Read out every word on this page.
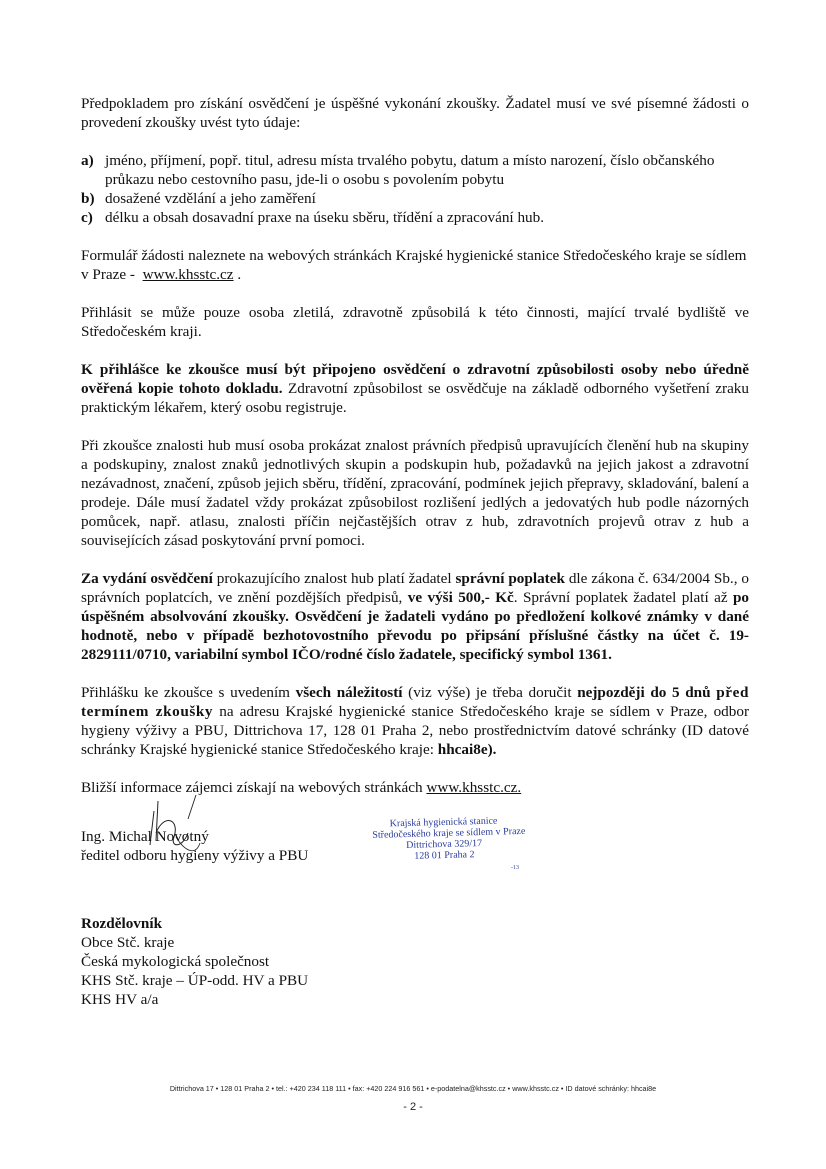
Předpokladem pro získání osvědčení je úspěšné vykonání zkoušky. Žadatel musí ve své písemné žádosti o provedení zkoušky uvést tyto údaje:

a) jméno, příjmení, popř. titul, adresu místa trvalého pobytu, datum a místo narození, číslo občanského průkazu nebo cestovního pasu, jde-li o osobu s povolením pobytu
b) dosažené vzdělání a jeho zaměření
c) délku a obsah dosavadní praxe na úseku sběru, třídění a zpracování hub.

Formulář žádosti naleznete na webových stránkách Krajské hygienické stanice Středočeského kraje se sídlem v Praze - www.khsstc.cz .

Přihlásit se může pouze osoba zletilá, zdravotně způsobilá k této činnosti, mající trvalé bydliště ve Středočeském kraji.

K přihlášce ke zkoušce musí být připojeno osvědčení o zdravotní způsobilosti osoby nebo úředně ověřená kopie tohoto dokladu. Zdravotní způsobilost se osvědčuje na základě odborného vyšetření zraku praktickým lékařem, který osobu registruje.

Při zkoušce znalosti hub musí osoba prokázat znalost právních předpisů upravujících členění hub na skupiny a podskupiny, znalost znaků jednotlivých skupin a podskupin hub, požadavků na jejich jakost a zdravotní nezávadnost, značení, způsob jejich sběru, třídění, zpracování, podmínek jejich přepravy, skladování, balení a prodeje. Dále musí žadatel vždy prokázat způsobilost rozlišení jedlých a jedovatých hub podle názorných pomůcek, např. atlasu, znalosti příčin nejčastějších otrav z hub, zdravotních projevů otrav z hub a souvisejících zásad poskytování první pomoci.

Za vydání osvědčení prokazujícího znalost hub platí žadatel správní poplatek dle zákona č. 634/2004 Sb., o správních poplatcích, ve znění pozdějších předpisů, ve výši 500,- Kč. Správní poplatek žadatel platí až po úspěšném absolvování zkoušky. Osvědčení je žadateli vydáno po předložení kolkové známky v dané hodnotě, nebo v případě bezhotovostního převodu po připsání příslušné částky na účet č. 19-2829111/0710, variabilní symbol IČO/rodné číslo žadatele, specifický symbol 1361.

Přihlášku ke zkoušce s uvedením všech náležitostí (viz výše) je třeba doručit nejpozději do 5 dnů před termínem zkoušky na adresu Krajské hygienické stanice Středočeského kraje se sídlem v Praze, odbor hygieny výživy a PBU, Dittrichova 17, 128 01 Praha 2, nebo prostřednictvím datové schránky (ID datové schránky Krajské hygienické stanice Středočeského kraje: hhcai8e).

Bližší informace zájemci získají na webových stránkách www.khsstc.cz.

Ing. Michal Novotný
ředitel odboru hygieny výživy a PBU
Krajská hygienická stanice
Středočeského kraje se sídlem v Praze
Dittrichova 329/17
128 01 Praha 2
-13
Rozdělovník
Obce Stč. kraje
Česká mykologická společnost
KHS Stč. kraje – ÚP-odd. HV a PBU
KHS HV a/a
Dittrichova 17 • 128 01 Praha 2 • tel.: +420 234 118 111 • fax: +420 224 916 561 • e-podatelna@khsstc.cz • www.khsstc.cz • ID datové schránky: hhcai8e
- 2 -
